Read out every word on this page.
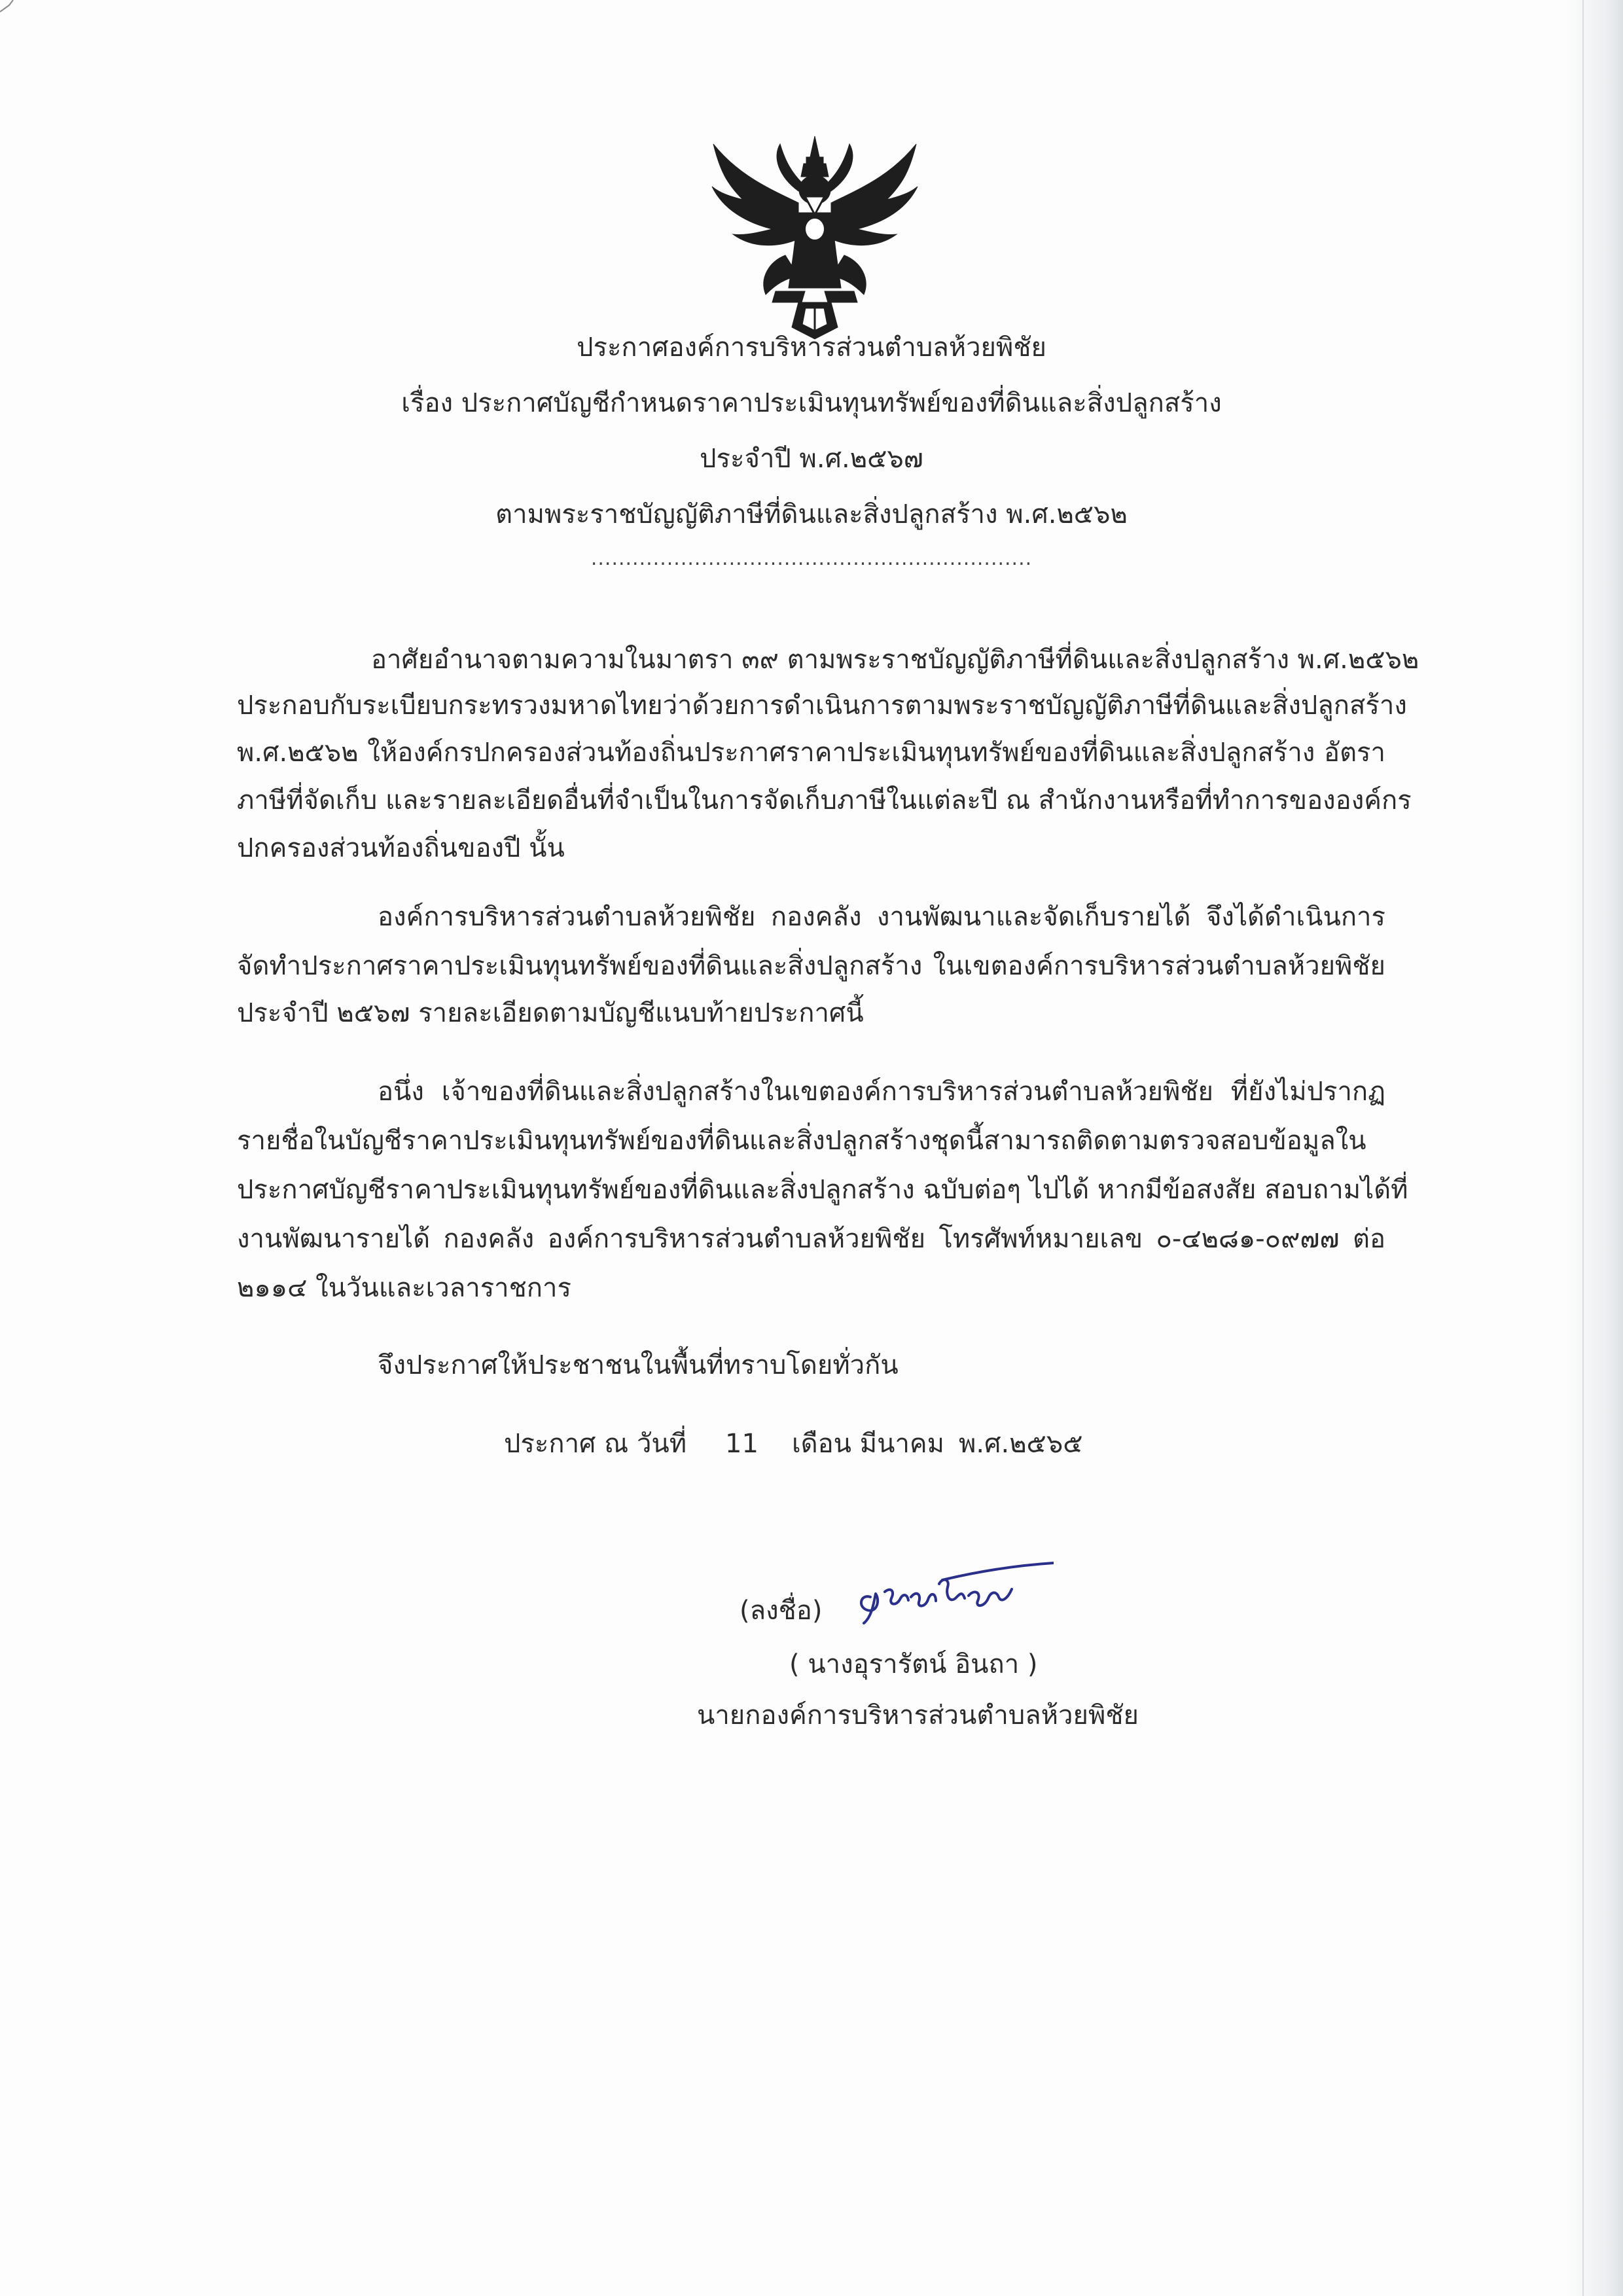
ประกาศองค์การบริหารส่วนตำบลห้วยพิชัย
เรื่อง ประกาศบัญชีกำหนดราคาประเมินทุนทรัพย์ของที่ดินและสิ่งปลูกสร้าง
ประจำปี พ.ศ.๒๕๖๗
ตามพระราชบัญญัติภาษีที่ดินและสิ่งปลูกสร้าง พ.ศ.๒๕๖๒
................................................................
อาศัยอำนาจตามความในมาตรา ๓๙ ตามพระราชบัญญัติภาษีที่ดินและสิ่งปลูกสร้าง พ.ศ.๒๕๖๒
ประกอบกับระเบียบกระทรวงมหาดไทยว่าด้วยการดำเนินการตามพระราชบัญญัติภาษีที่ดินและสิ่งปลูกสร้าง
พ.ศ.๒๕๖๒ ให้องค์กรปกครองส่วนท้องถิ่นประกาศราคาประเมินทุนทรัพย์ของที่ดินและสิ่งปลูกสร้าง อัตรา
ภาษีที่จัดเก็บ และรายละเอียดอื่นที่จำเป็นในการจัดเก็บภาษีในแต่ละปี ณ สำนักงานหรือที่ทำการขององค์กร
ปกครองส่วนท้องถิ่นของปี นั้น
องค์การบริหารส่วนตำบลห้วยพิชัย กองคลัง งานพัฒนาและจัดเก็บรายได้ จึงได้ดำเนินการ
จัดทำประกาศราคาประเมินทุนทรัพย์ของที่ดินและสิ่งปลูกสร้าง ในเขตองค์การบริหารส่วนตำบลห้วยพิชัย
ประจำปี ๒๕๖๗ รายละเอียดตามบัญชีแนบท้ายประกาศนี้
อนึ่ง เจ้าของที่ดินและสิ่งปลูกสร้างในเขตองค์การบริหารส่วนตำบลห้วยพิชัย ที่ยังไม่ปรากฏ
รายชื่อในบัญชีราคาประเมินทุนทรัพย์ของที่ดินและสิ่งปลูกสร้างชุดนี้สามารถติดตามตรวจสอบข้อมูลใน
ประกาศบัญชีราคาประเมินทุนทรัพย์ของที่ดินและสิ่งปลูกสร้าง ฉบับต่อๆ ไปได้ หากมีข้อสงสัย สอบถามได้ที่
งานพัฒนารายได้ กองคลัง องค์การบริหารส่วนตำบลห้วยพิชัย โทรศัพท์หมายเลข ๐-๔๒๘๑-๐๙๗๗ ต่อ
๒๑๑๔ ในวันและเวลาราชการ
จึงประกาศให้ประชาชนในพื้นที่ทราบโดยทั่วกัน
ประกาศ ณ วันที่ 11 เดือน มีนาคม พ.ศ.๒๕๖๕
(ลงชื่อ)
( นางอุรารัตน์ อินถา )
นายกองค์การบริหารส่วนตำบลห้วยพิชัย
